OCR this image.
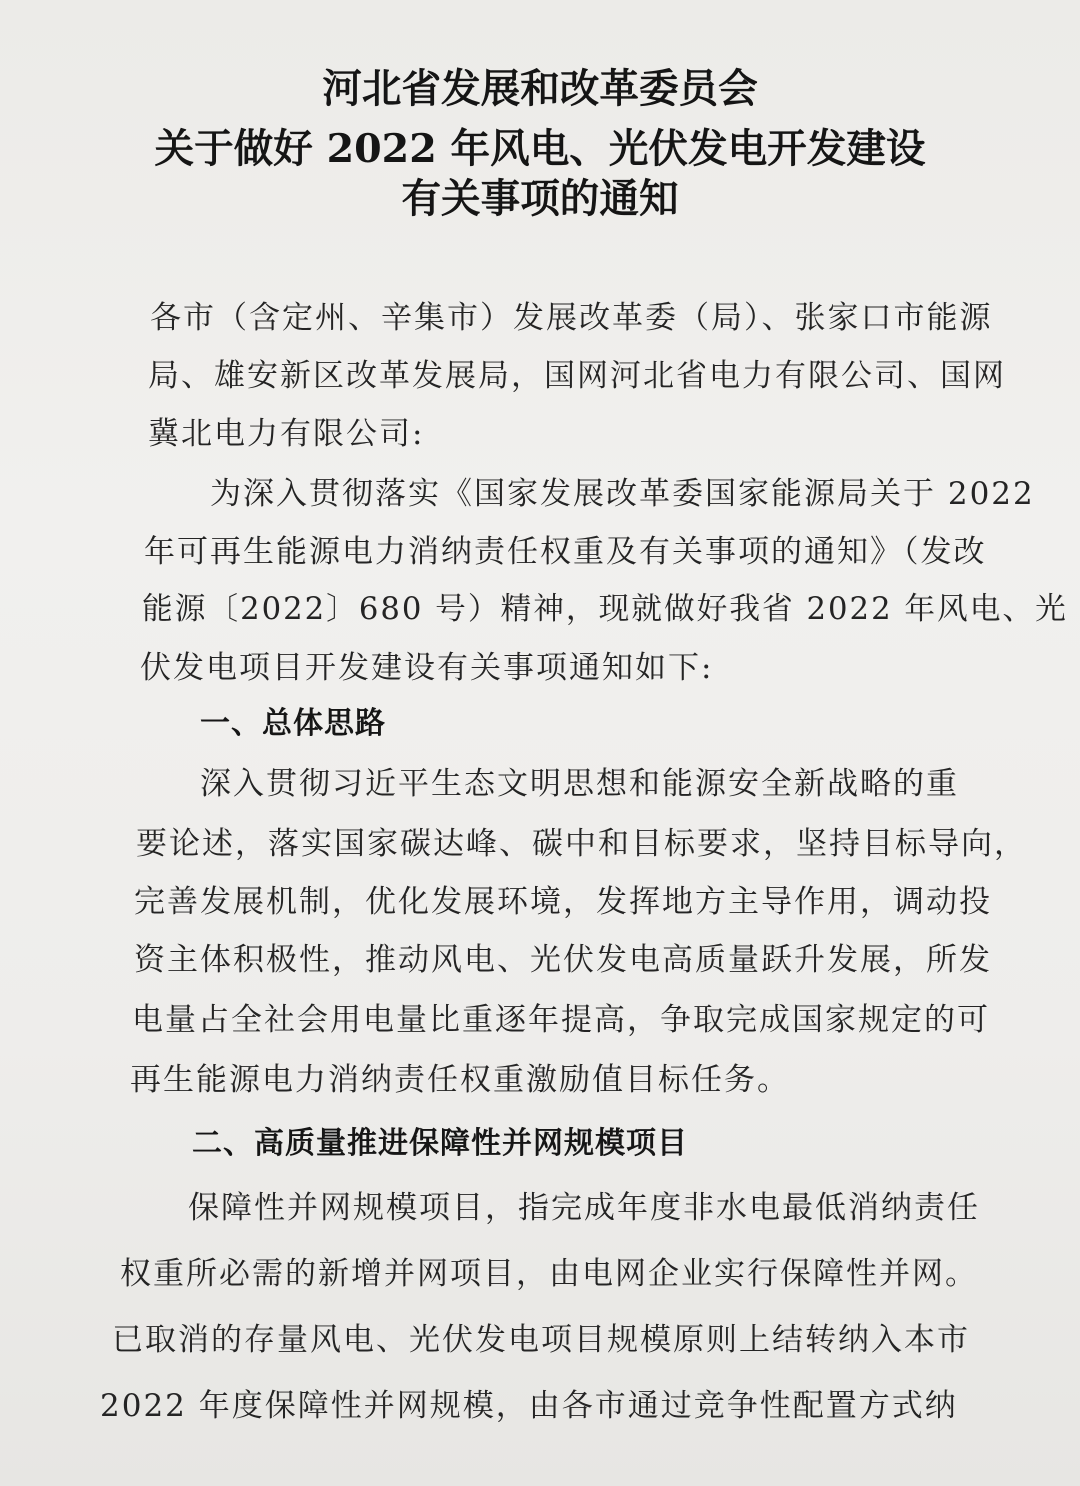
河北省发展和改革委员会
关于做好 2022 年风电、光伏发电开发建设
有关事项的通知
各市（含定州、辛集市）发展改革委（局）、张家口市能源
局、雄安新区改革发展局，国网河北省电力有限公司、国网
冀北电力有限公司:
为深入贯彻落实《国家发展改革委国家能源局关于 2022
年可再生能源电力消纳责任权重及有关事项的通知》（发改
能源〔2022〕680 号）精神，现就做好我省 2022 年风电、光
伏发电项目开发建设有关事项通知如下:
一、总体思路
深入贯彻习近平生态文明思想和能源安全新战略的重
要论述，落实国家碳达峰、碳中和目标要求，坚持目标导向，
完善发展机制，优化发展环境，发挥地方主导作用，调动投
资主体积极性，推动风电、光伏发电高质量跃升发展，所发
电量占全社会用电量比重逐年提高，争取完成国家规定的可
再生能源电力消纳责任权重激励值目标任务。
二、高质量推进保障性并网规模项目
保障性并网规模项目，指完成年度非水电最低消纳责任
权重所必需的新增并网项目，由电网企业实行保障性并网。
已取消的存量风电、光伏发电项目规模原则上结转纳入本市
2022 年度保障性并网规模，由各市通过竞争性配置方式纳
